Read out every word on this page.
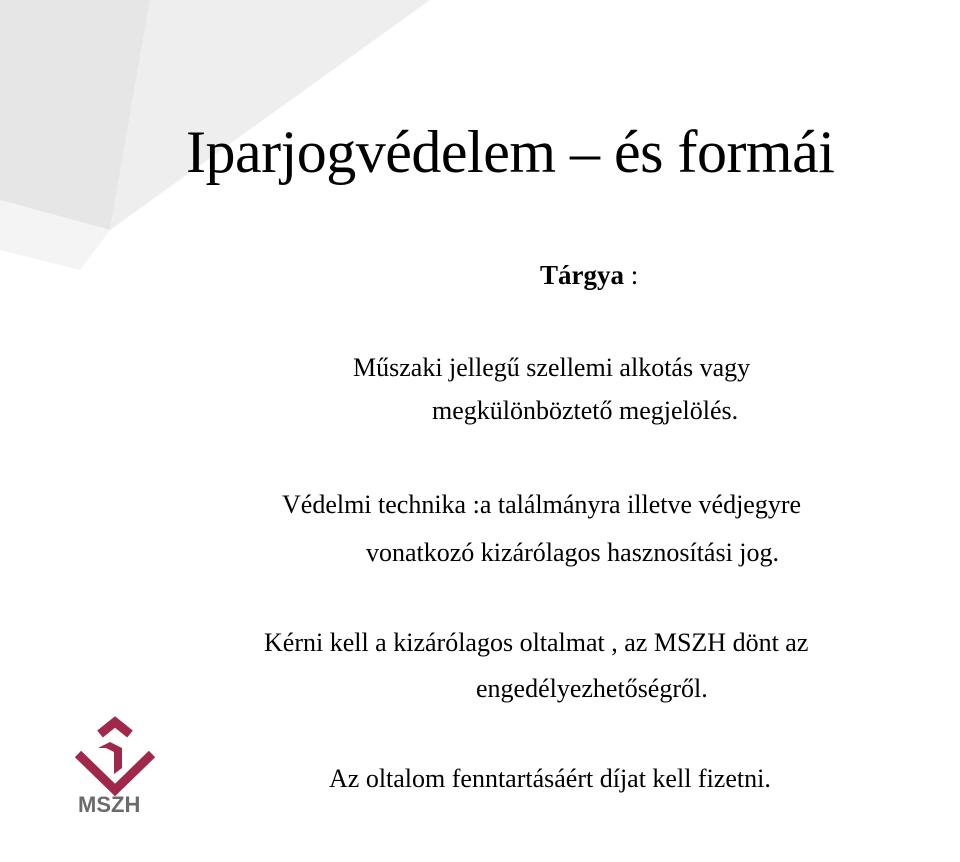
Iparjogvédelem – és formái
Tárgya :
Műszaki jellegű szellemi alkotás vagy
megkülönböztető megjelölés.
Védelmi technika :a találmányra illetve védjegyre
vonatkozó kizárólagos hasznosítási jog.
Kérni kell a kizárólagos oltalmat , az MSZH dönt az
engedélyezhetőségről.
Az oltalom fenntartásáért díjat kell fizetni.
MSZH
